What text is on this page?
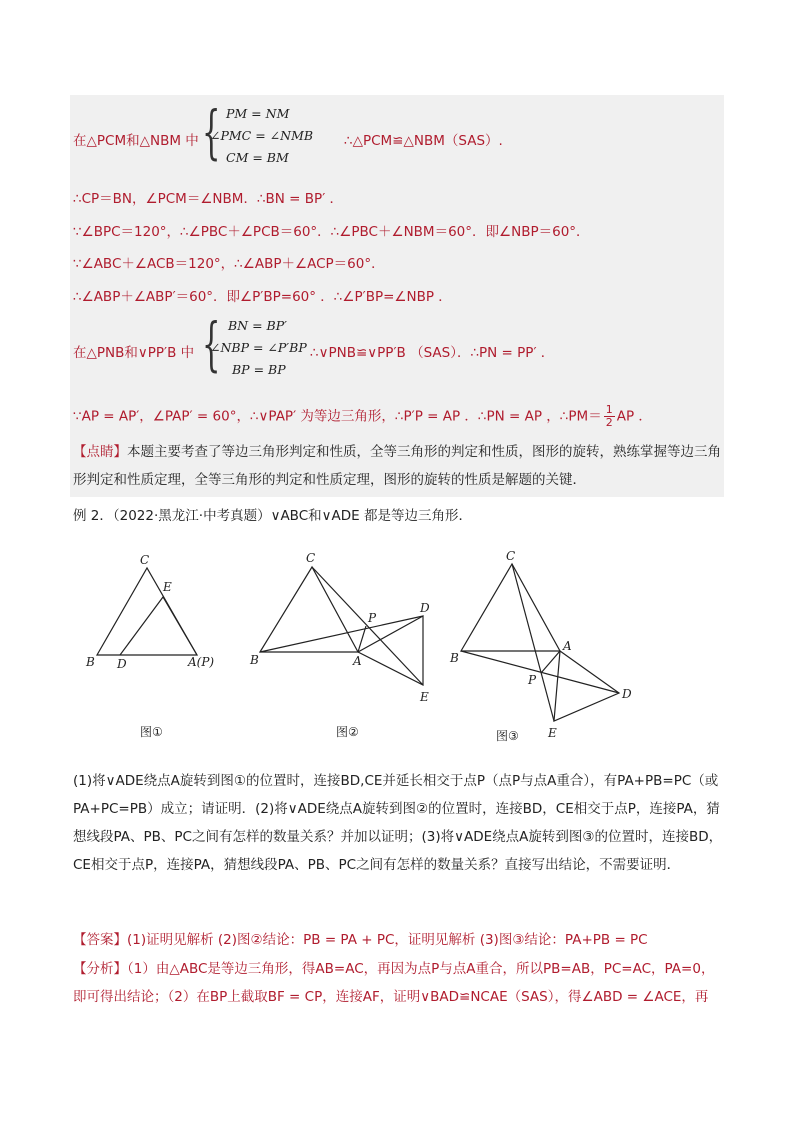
在△PCM和△NBM 中 { PM = NM
∠PMC = ∠NMB
CM = BM
∴△PCM≌△NBM（SAS）.
∴CP＝BN，∠PCM＝∠NBM．∴BN = BP′ ．
∵∠BPC＝120°，∴∠PBC＋∠PCB＝60°．∴∠PBC＋∠NBM＝60°．即∠NBP＝60°．
∵∠ABC＋∠ACB＝120°，∴∠ABP＋∠ACP＝60°．
∴∠ABP＋∠ABP′＝60°．即∠P′BP=60° ．∴∠P′BP=∠NBP ．
在△PNB和∨PP′B 中 { BN = BP′
∠NBP = ∠P′BP
BP = BP
∴∨PNB≌∨PP′B （SAS）．∴PN = PP′ ．
∵AP = AP′，∠PAP′ = 60°，∴∨PAP′ 为等边三角形，∴P′P = AP ．∴PN = AP ，∴PM＝ $\frac{1}{2}$ AP ．
【点睛】本题主要考查了等边三角形判定和性质，全等三角形的判定和性质，图形的旋转，熟练掌握等边三角形判定和性质定理，全等三角形的判定和性质定理，图形的旋转的性质是解题的关键．
例 2．（2022·黑龙江·中考真题）∨ABC和∨ADE 都是等边三角形．
C
E
B D	A(P)
图①
C
P
D
B	A
E
图②
C
A
B
P
D
E
图③
(1)将∨ADE绕点A旋转到图①的位置时，连接BD,CE并延长相交于点P（点P与点A重合），有PA+PB=PC（或PA+PC=PB）成立；请证明．(2)将∨ADE绕点A旋转到图②的位置时，连接BD，CE相交于点P，连接PA，猜想线段PA、PB、PC之间有怎样的数量关系？并加以证明；(3)将∨ADE绕点A旋转到图③的位置时，连接BD，CE相交于点P，连接PA，猜想线段PA、PB、PC之间有怎样的数量关系？直接写出结论，不需要证明．
【答案】(1)证明见解析 (2)图②结论：PB = PA + PC，证明见解析 (3)图③结论：PA+PB = PC
【分析】（1）由△ABC是等边三角形，得AB=AC，再因为点P与点A重合，所以PB=AB，PC=AC，PA=0，即可得出结论；（2）在BP上截取BF = CP，连接AF，证明∨BAD≌NCAE（SAS），得∠ABD = ∠ACE，再
